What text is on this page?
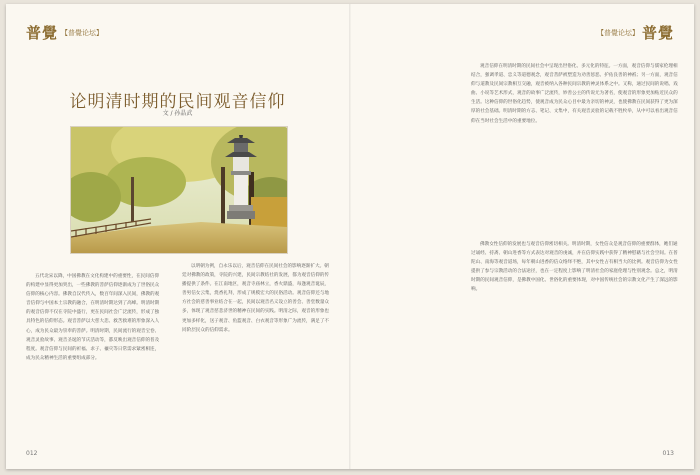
普覺 【普覺论坛】
论明清时期的民间观音信仰
文 / 孙晶武

五代北宋以降，中国佛教在文化构建中的重要性，在民间信仰的构建中显得更加突出，一些佛教的菩萨信仰逐渐成为了世俗民众信仰的核心内容。佛教自汉代传入，数百年间深入民间，佛教的观音信仰与中国本土宗教的融合，在明清时期达到了高峰。明清时期的观音信仰不仅在寺院中盛行，更在民间社会广泛流传，形成了独具特色的信仰形态。观音菩萨以大慈大悲、救苦救难的形象深入人心，成为民众最为崇奉的菩萨。明清时期，民间流行的观音宝卷、观音灵验故事、观音圣诞的节庆活动等，都反映出观音信仰的普及程度。观音信仰与民间的祈福、求子、禳灾等日常需求紧密相连，成为民众精神生活的重要组成部分。

以明朝为例，自永乐以后，观音信仰在民间社会的影响逐渐扩大。朝廷对佛教的政策，寺院的兴建，民间宗教结社的发展，都为观音信仰的传播提供了条件。在江南地区，观音寺庙林立，香火鼎盛，每逢观音诞辰，善男信女云集，烧香礼拜，形成了规模宏大的民俗活动。观音信仰还与地方社会的慈善事业结合在一起，民间以观音名义设立的善会、善堂数量众多，体现了观音慈悲济世的精神在民间的实践。明清之际，观音的形象也更加多样化，送子观音、鱼篮观音、白衣观音等形象广为流传，满足了不同阶层民众的信仰需求。

012
【普覺论坛】 普覺

观音信仰在明清时期的民间社会中呈现出世俗化、多元化的特征。一方面，观音信仰与儒家伦理相结合，强调孝道、忠义等道德观念，观音菩萨被塑造为劝善惩恶、护佑良善的神祇；另一方面，观音信仰与道教及民间宗教相互交融，观音被纳入各种民间宗教的神灵体系之中。又称，通过民间的说唱、戏曲、小说等艺术形式，观音的故事广泛流传，妙善公主的传说尤为著名，使观音的形象更加贴近民众的生活。这种信仰的世俗化趋势，使观音成为民众心目中最为亲切的神灵，也使佛教在民间获得了更为深厚的社会基础。明清时期的方志、笔记、文集中，有关观音灵验的记载不胜枚举，从中可以看出观音信仰在当时社会生活中的重要地位。

佛教女性信仰的发展也与观音信仰密切相关。明清时期，女性信众是观音信仰的重要群体，她们通过诵经、持斋、朝山进香等方式表达对观音的虔诚，并在信仰实践中获得了精神慰藉与社会空间。在普陀山、南海等观音道场，每年朝山进香的信众络绎不绝，其中女性占有相当大的比例。观音信仰为女性提供了参与宗教活动的合法途径，也在一定程度上影响了明清社会的家庭伦理与性别观念。总之，明清时期的民间观音信仰，是佛教中国化、世俗化的重要体现，对中国传统社会的宗教文化产生了深远的影响。

013
